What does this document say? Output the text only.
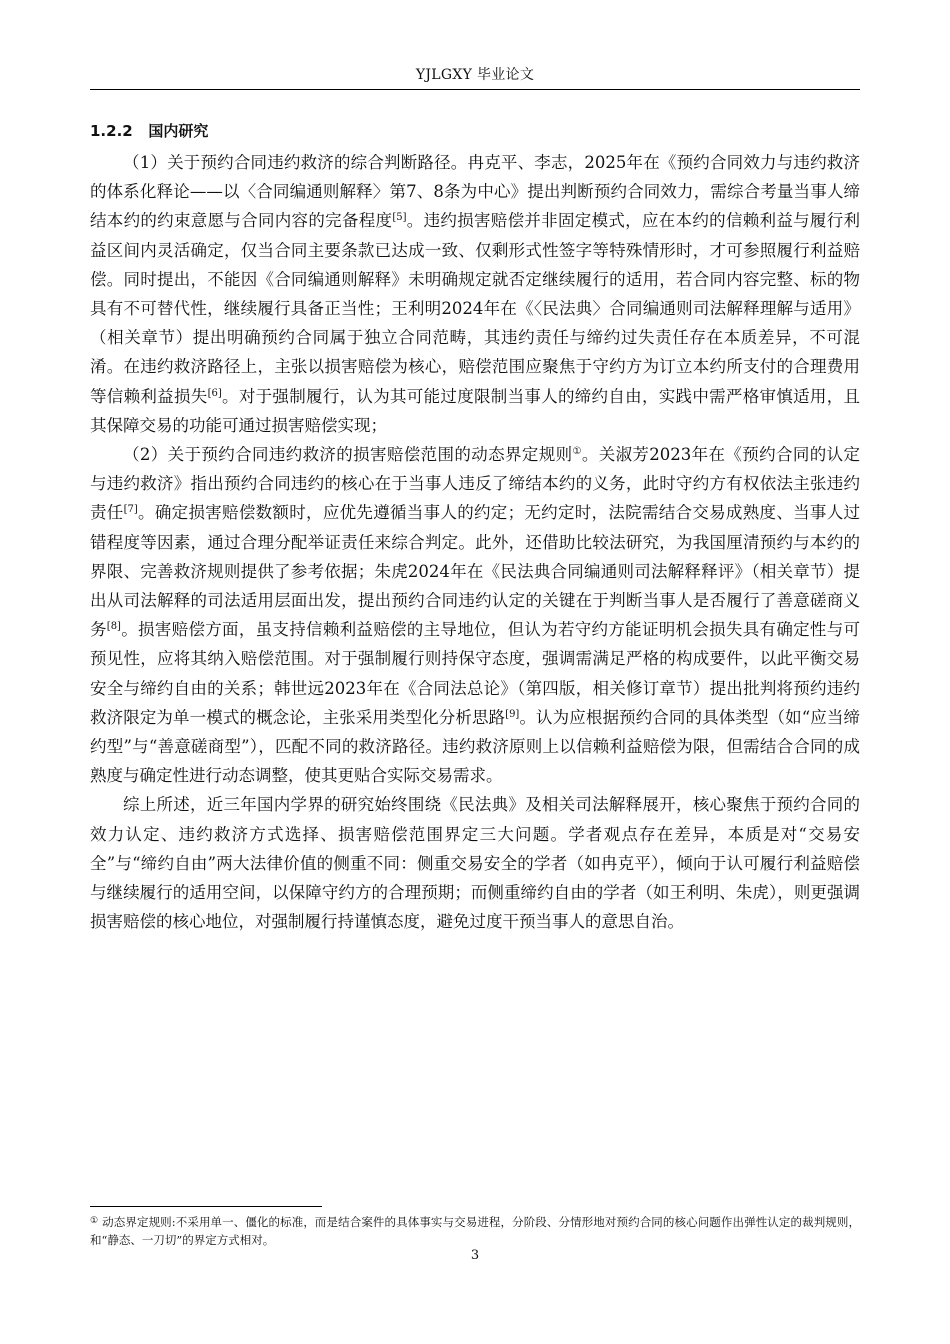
YJLGXY 毕业论文
1.2.2   国内研究

（1）关于预约合同违约救济的综合判断路径。冉克平、李志，2025年在《预约合同效力与违约救济的体系化释论——以〈合同编通则解释〉第7、8条为中心》提出判断预约合同效力，需综合考量当事人缔结本约的约束意愿与合同内容的完备程度[5]。违约损害赔偿并非固定模式，应在本约的信赖利益与履行利益区间内灵活确定，仅当合同主要条款已达成一致、仅剩形式性签字等特殊情形时，才可参照履行利益赔偿。同时提出，不能因《合同编通则解释》未明确规定就否定继续履行的适用，若合同内容完整、标的物具有不可替代性，继续履行具备正当性；王利明2024年在《〈民法典〉合同编通则司法解释理解与适用》（相关章节）提出明确预约合同属于独立合同范畴，其违约责任与缔约过失责任存在本质差异，不可混淆。在违约救济路径上，主张以损害赔偿为核心，赔偿范围应聚焦于守约方为订立本约所支付的合理费用等信赖利益损失[6]。对于强制履行，认为其可能过度限制当事人的缔约自由，实践中需严格审慎适用，且其保障交易的功能可通过损害赔偿实现；

（2）关于预约合同违约救济的损害赔偿范围的动态界定规则①。关淑芳2023年在《预约合同的认定与违约救济》指出预约合同违约的核心在于当事人违反了缔结本约的义务，此时守约方有权依法主张违约责任[7]。确定损害赔偿数额时，应优先遵循当事人的约定；无约定时，法院需结合交易成熟度、当事人过错程度等因素，通过合理分配举证责任来综合判定。此外，还借助比较法研究，为我国厘清预约与本约的界限、完善救济规则提供了参考依据；朱虎2024年在《民法典合同编通则司法解释释评》（相关章节）提出从司法解释的司法适用层面出发，提出预约合同违约认定的关键在于判断当事人是否履行了善意磋商义务[8]。损害赔偿方面，虽支持信赖利益赔偿的主导地位，但认为若守约方能证明机会损失具有确定性与可预见性，应将其纳入赔偿范围。对于强制履行则持保守态度，强调需满足严格的构成要件，以此平衡交易安全与缔约自由的关系；韩世远2023年在《合同法总论》（第四版，相关修订章节）提出批判将预约违约救济限定为单一模式的概念论，主张采用类型化分析思路[9]。认为应根据预约合同的具体类型（如“应当缔约型”与“善意磋商型”），匹配不同的救济路径。违约救济原则上以信赖利益赔偿为限，但需结合合同的成熟度与确定性进行动态调整，使其更贴合实际交易需求。

综上所述，近三年国内学界的研究始终围绕《民法典》及相关司法解释展开，核心聚焦于预约合同的效力认定、违约救济方式选择、损害赔偿范围界定三大问题。学者观点存在差异，本质是对“交易安全”与“缔约自由”两大法律价值的侧重不同：侧重交易安全的学者（如冉克平），倾向于认可履行利益赔偿与继续履行的适用空间，以保障守约方的合理预期；而侧重缔约自由的学者（如王利明、朱虎），则更强调损害赔偿的核心地位，对强制履行持谨慎态度，避免过度干预当事人的意思自治。

① 动态界定规则:不采用单一、僵化的标准，而是结合案件的具体事实与交易进程，分阶段、分情形地对预约合同的核心问题作出弹性认定的裁判规则，和“静态、一刀切”的界定方式相对。
3
